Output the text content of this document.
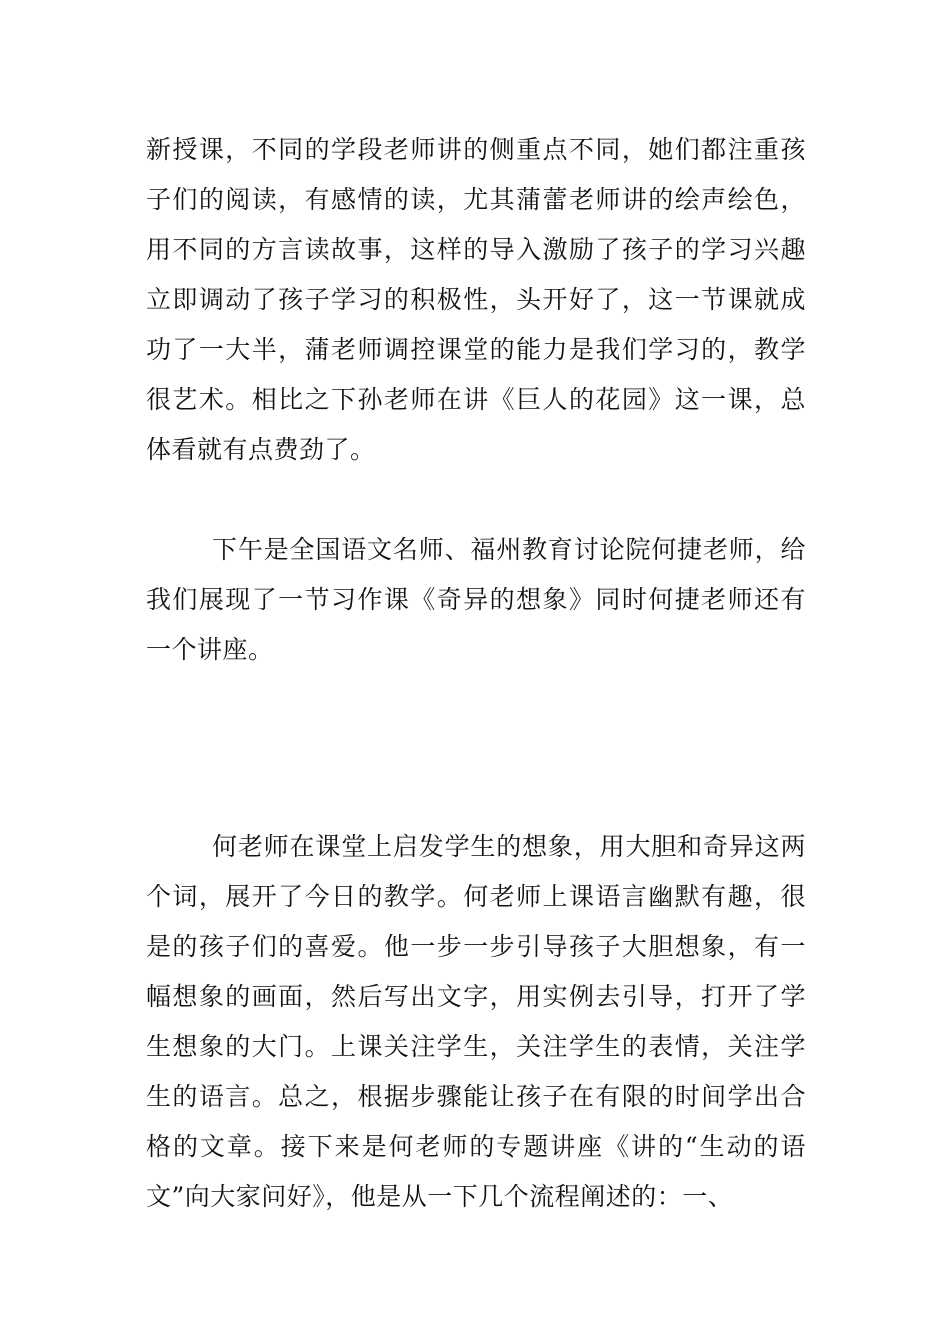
新授课，不同的学段老师讲的侧重点不同，她们都注重孩子们的阅读，有感情的读，尤其蒲蕾老师讲的绘声绘色，用不同的方言读故事，这样的导入激励了孩子的学习兴趣立即调动了孩子学习的积极性，头开好了，这一节课就成功了一大半，蒲老师调控课堂的能力是我们学习的，教学很艺术。相比之下孙老师在讲《巨人的花园》这一课，总体看就有点费劲了。

下午是全国语文名师、福州教育讨论院何捷老师，给我们展现了一节习作课《奇异的想象》同时何捷老师还有一个讲座。

何老师在课堂上启发学生的想象，用大胆和奇异这两个词，展开了今日的教学。何老师上课语言幽默有趣，很是的孩子们的喜爱。他一步一步引导孩子大胆想象，有一幅想象的画面，然后写出文字，用实例去引导，打开了学生想象的大门。上课关注学生，关注学生的表情，关注学生的语言。总之，根据步骤能让孩子在有限的时间学出合格的文章。接下来是何老师的专题讲座《讲的“生动的语文”向大家问好》，他是从一下几个流程阐述的：一、
